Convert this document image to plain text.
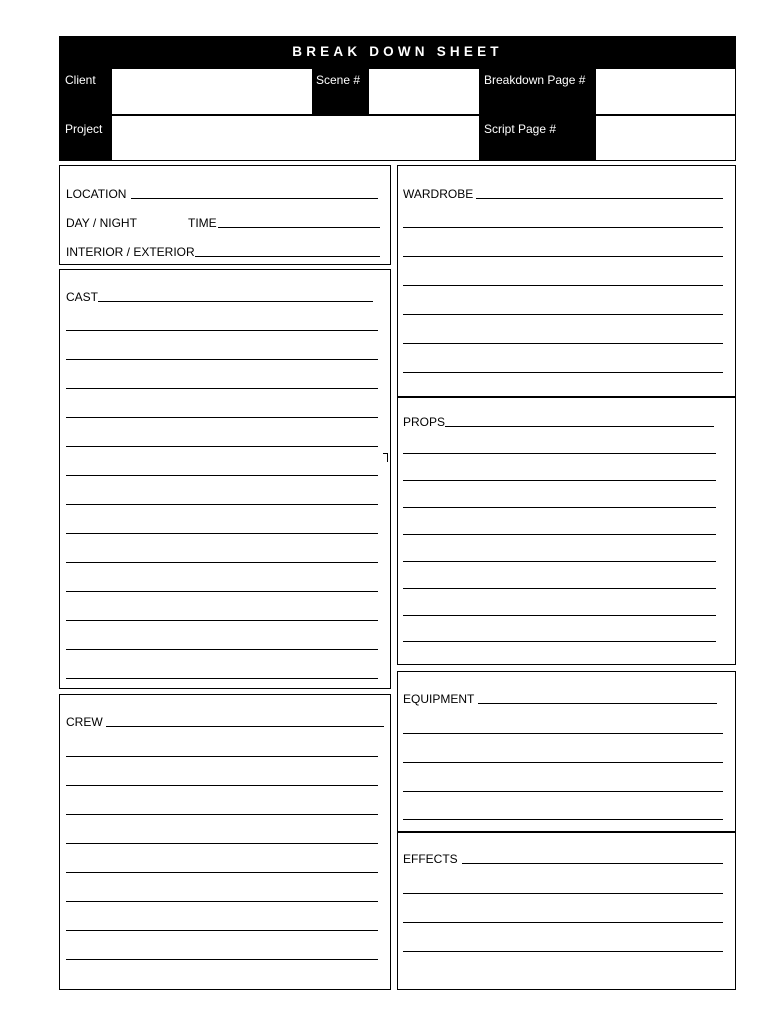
BREAK DOWN SHEET
Client	Scene #	Breakdown Page #
Project	Script Page #
LOCATION
DAY / NIGHT	TIME
INTERIOR / EXTERIOR
CAST
CREW
WARDROBE
PROPS
EQUIPMENT
EFFECTS
